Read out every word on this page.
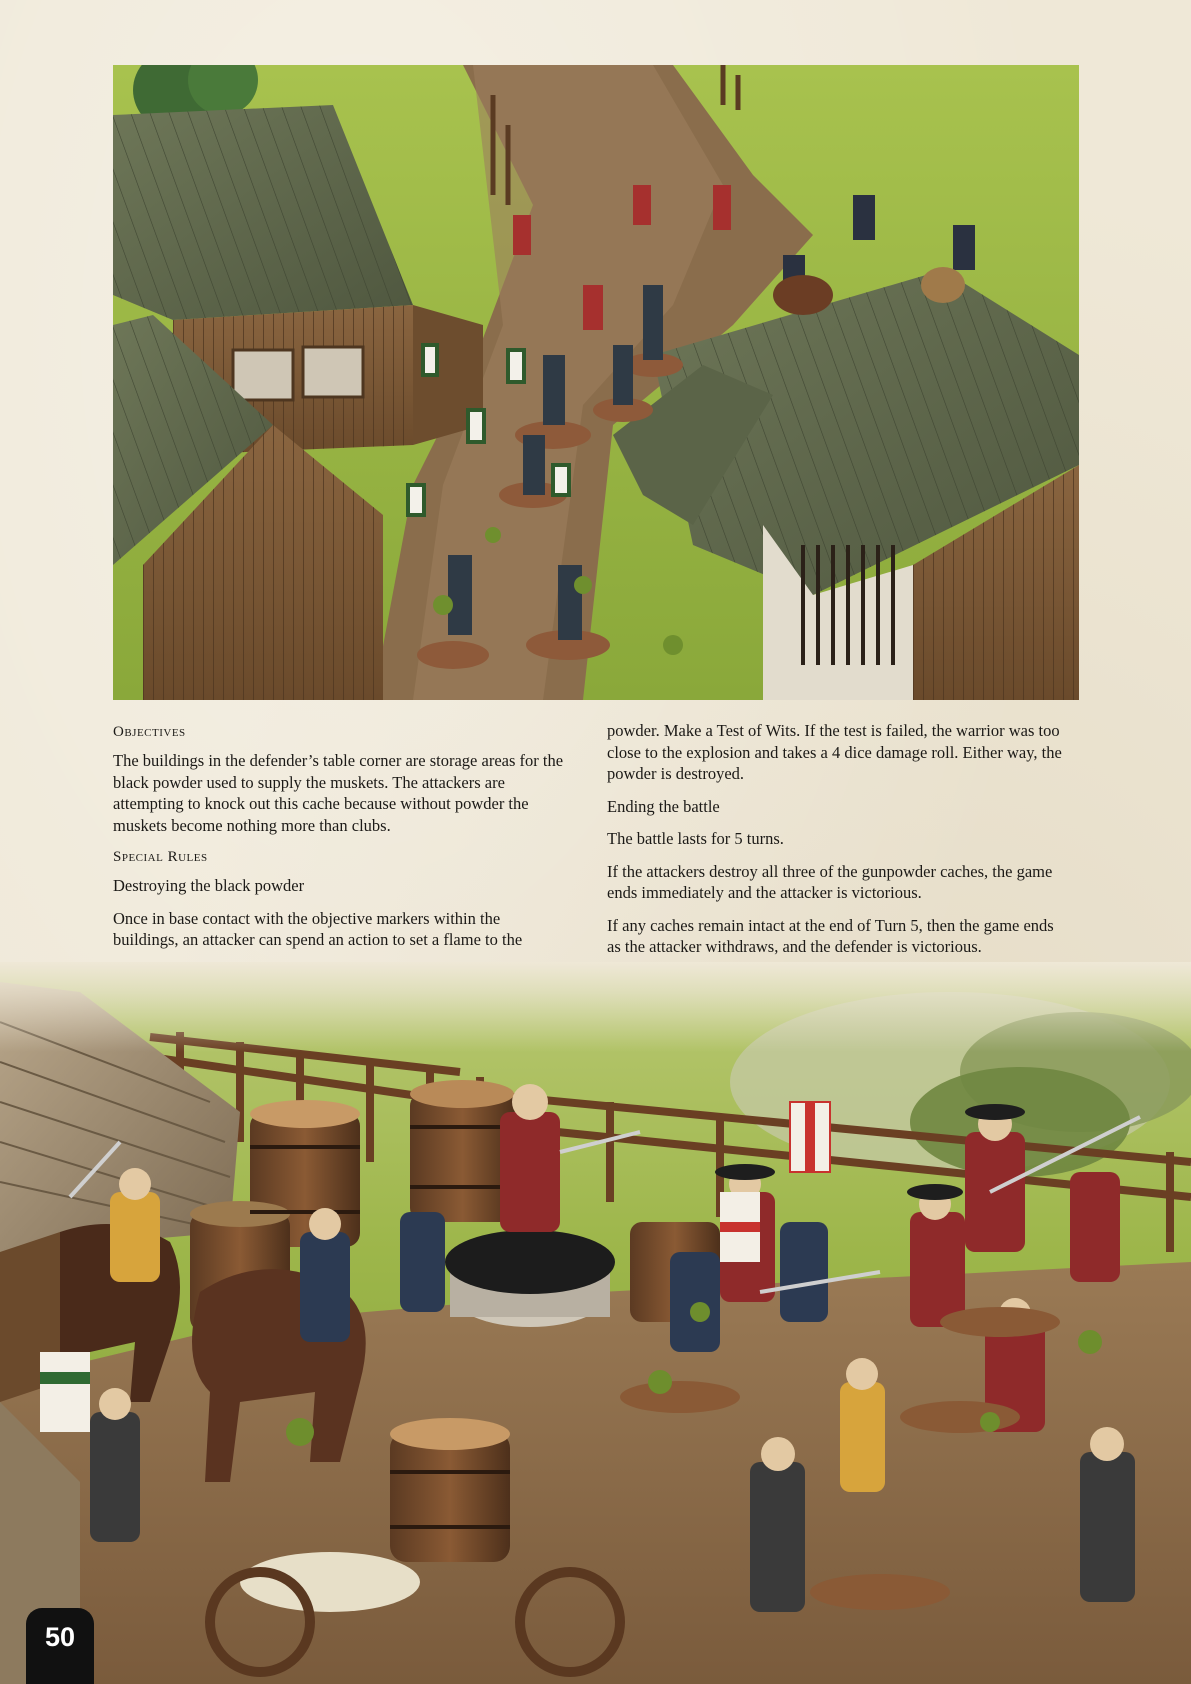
Objectives

The buildings in the defender’s table corner are storage areas for the black powder used to supply the muskets. The attackers are attempting to knock out this cache because without powder the muskets become nothing more than clubs.

Special Rules

Destroying the black powder

Once in base contact with the objective markers within the buildings, an attacker can spend an action to set a flame to the

powder. Make a Test of Wits. If the test is failed, the warrior was too close to the explosion and takes a 4 dice damage roll. Either way, the powder is destroyed.

Ending the battle

The battle lasts for 5 turns.

If the attackers destroy all three of the gunpowder caches, the game ends immediately and the attacker is victorious.

If any caches remain intact at the end of Turn 5, then the game ends as the attacker withdraws, and the defender is victorious.

50
